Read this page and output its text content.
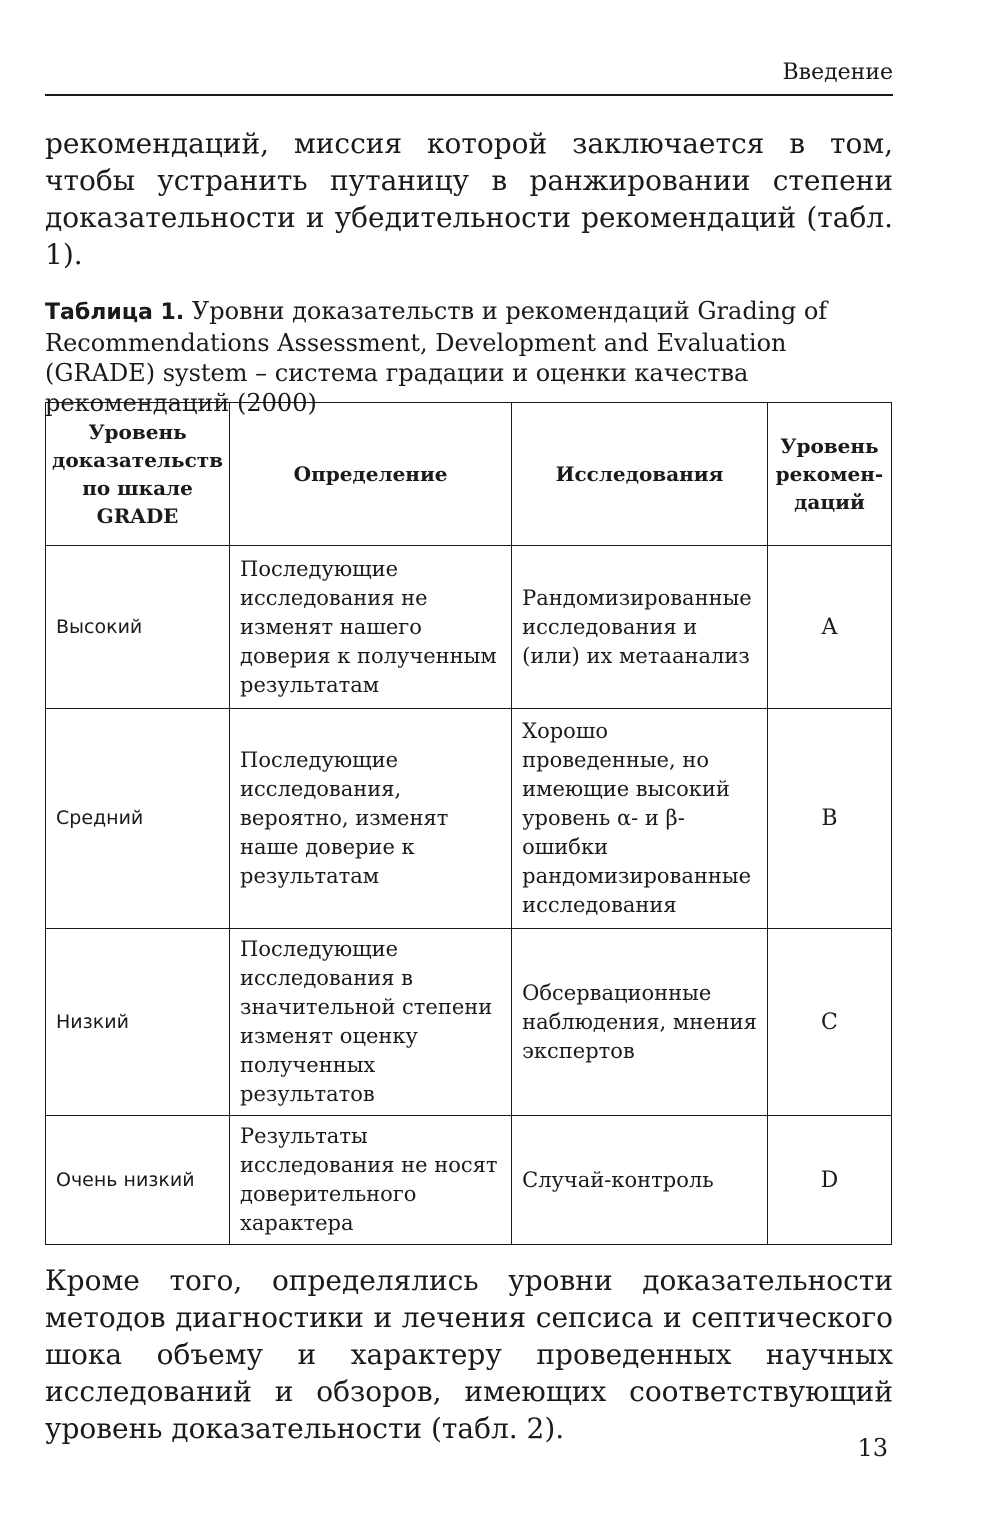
Введение
рекомендаций, миссия которой заключается в том, чтобы устранить путаницу в ранжировании степени доказательности и убедительности рекомендаций (табл. 1).
Таблица 1. Уровни доказательств и рекомендаций Grading of Recommendations Assessment, Development and Evaluation (GRADE) system – система градации и оценки качества рекомендаций (2000)
Уровень доказательств по шкале GRADE	Определение	Исследования	Уровень рекомен-даций
Высокий	Последующие исследования не изменят нашего доверия к полученным результатам	Рандомизированные исследования и (или) их метаанализ	A
Средний	Последующие исследования, вероятно, изменят наше доверие к результатам	Хорошо проведенные, но имеющие высокий уровень α- и β-ошибки рандомизированные исследования	B
Низкий	Последующие исследования в значительной степени изменят оценку полученных результатов	Обсервационные наблюдения, мнения экспертов	C
Очень низкий	Результаты исследования не носят доверительного характера	Случай-контроль	D
Кроме того, определялись уровни доказательности методов диагностики и лечения сепсиса и септического шока объему и характеру проведенных научных исследований и обзоров, имеющих соответствующий уровень доказательности (табл. 2).
13
